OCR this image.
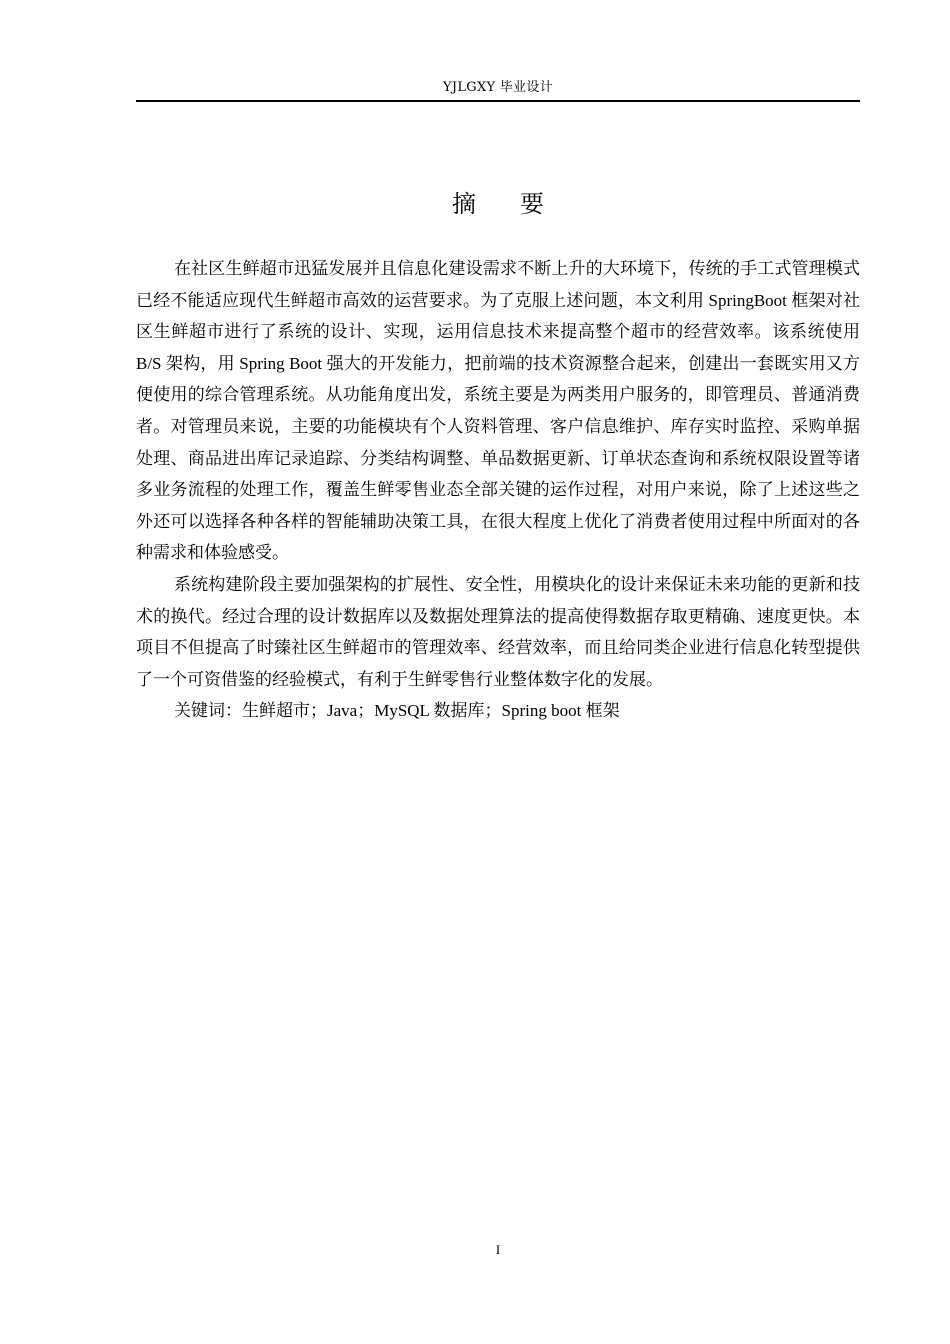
YJLGXY 毕业设计
摘要

在社区生鲜超市迅猛发展并且信息化建设需求不断上升的大环境下，传统的手工式管理模式已经不能适应现代生鲜超市高效的运营要求。为了克服上述问题，本文利用 SpringBoot 框架对社区生鲜超市进行了系统的设计、实现，运用信息技术来提高整个超市的经营效率。该系统使用 B/S 架构，用 Spring Boot 强大的开发能力，把前端的技术资源整合起来，创建出一套既实用又方便使用的综合管理系统。从功能角度出发，系统主要是为两类用户服务的，即管理员、普通消费者。对管理员来说，主要的功能模块有个人资料管理、客户信息维护、库存实时监控、采购单据处理、商品进出库记录追踪、分类结构调整、单品数据更新、订单状态查询和系统权限设置等诸多业务流程的处理工作，覆盖生鲜零售业态全部关键的运作过程，对用户来说，除了上述这些之外还可以选择各种各样的智能辅助决策工具，在很大程度上优化了消费者使用过程中所面对的各种需求和体验感受。

系统构建阶段主要加强架构的扩展性、安全性，用模块化的设计来保证未来功能的更新和技术的换代。经过合理的设计数据库以及数据处理算法的提高使得数据存取更精确、速度更快。本项目不但提高了时臻社区生鲜超市的管理效率、经营效率，而且给同类企业进行信息化转型提供了一个可资借鉴的经验模式，有利于生鲜零售行业整体数字化的发展。

关键词：生鲜超市；Java；MySQL 数据库；Spring boot 框架

I
